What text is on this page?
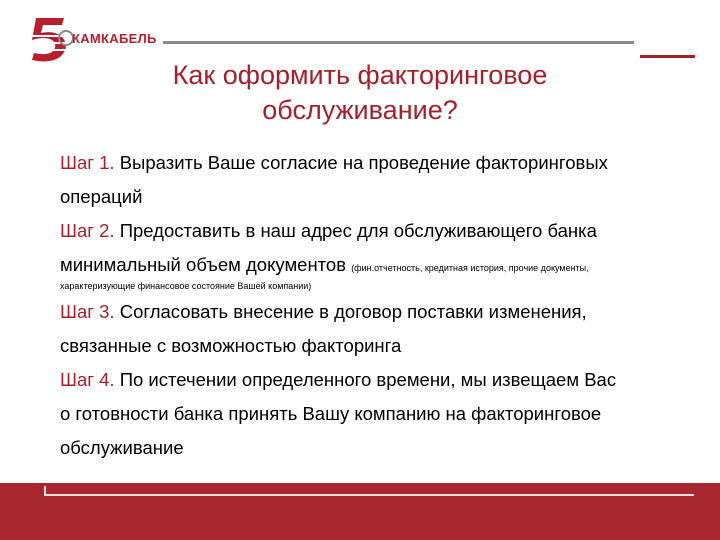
КАМКАБЕЛЬ
Как оформить факторинговое
обслуживание?
Шаг 1. Выразить Ваше согласие на проведение факторинговых
операций
Шаг 2. Предоставить в наш адрес для обслуживающего банка
минимальный объем документов (фин.отчетность, кредитная история, прочие документы,
характеризующие финансовое состояние Вашей компании)
Шаг 3. Согласовать внесение в договор поставки изменения,
связанные с возможностью факторинга
Шаг 4. По истечении определенного времени, мы извещаем Вас
о готовности банка принять Вашу компанию на факторинговое
обслуживание
